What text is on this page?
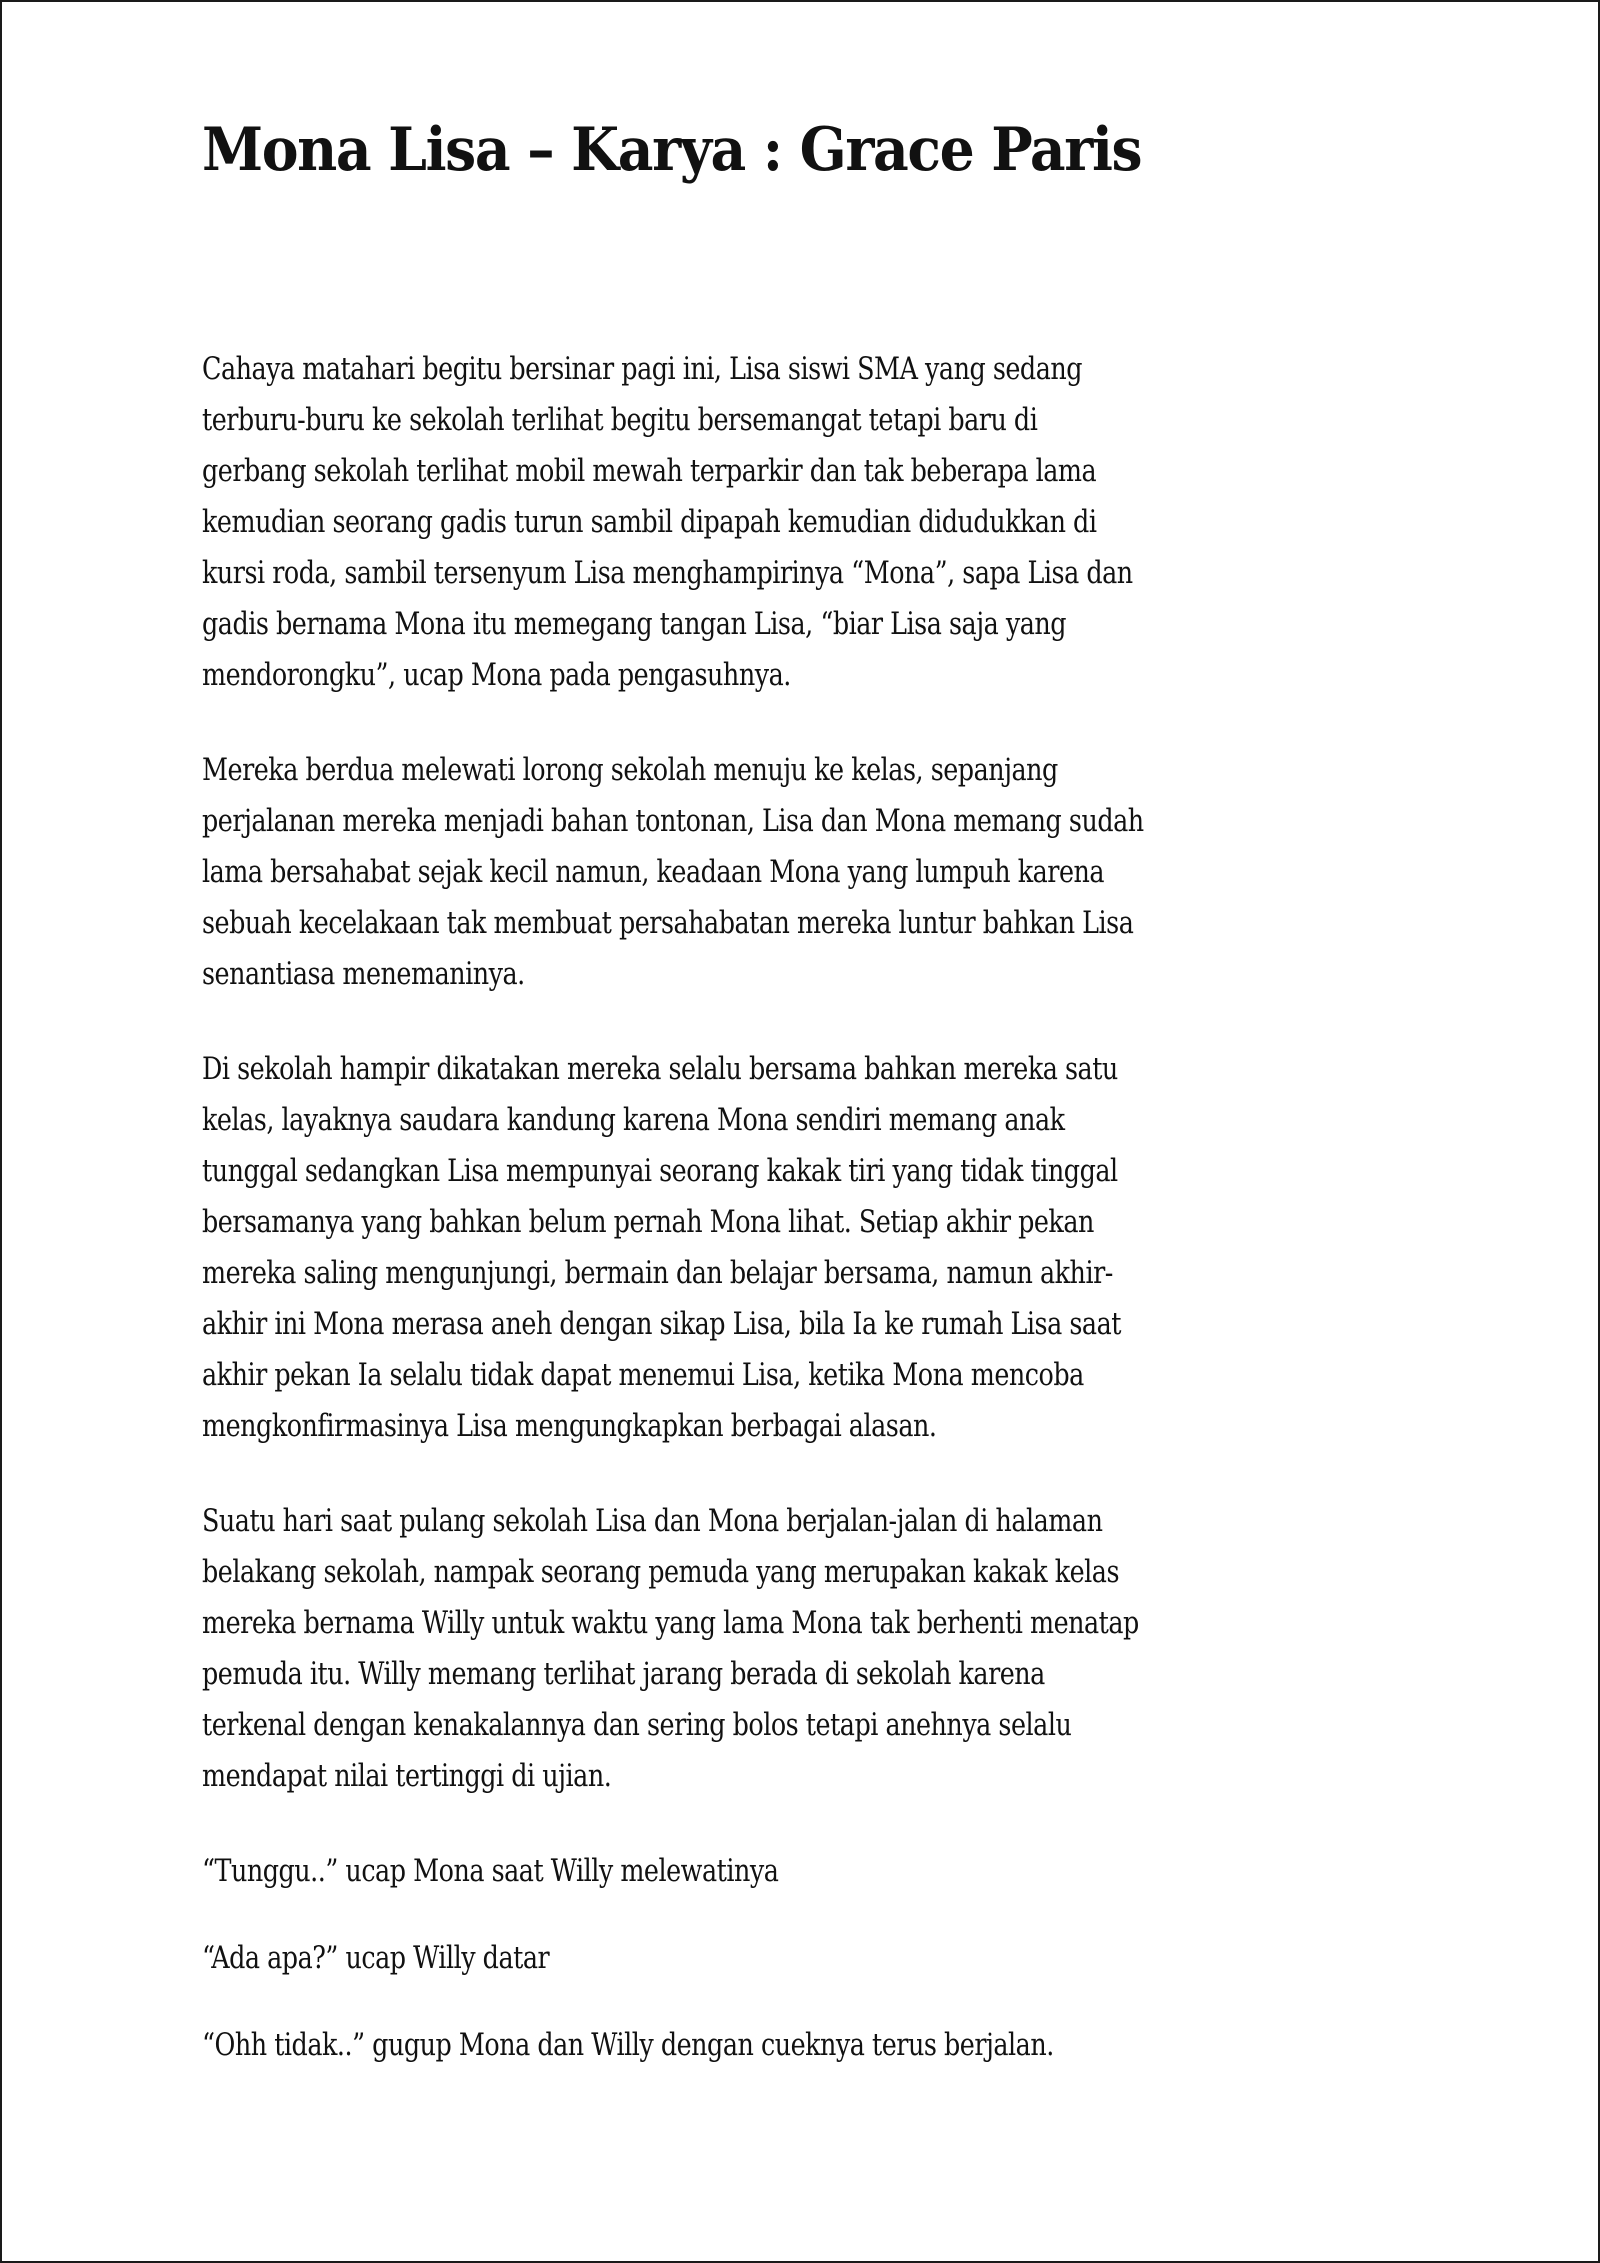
Mona Lisa – Karya : Grace Paris

Cahaya matahari begitu bersinar pagi ini, Lisa siswi SMA yang sedang
terburu-buru ke sekolah terlihat begitu bersemangat tetapi baru di
gerbang sekolah terlihat mobil mewah terparkir dan tak beberapa lama
kemudian seorang gadis turun sambil dipapah kemudian didudukkan di
kursi roda, sambil tersenyum Lisa menghampirinya “Mona”, sapa Lisa dan
gadis bernama Mona itu memegang tangan Lisa, “biar Lisa saja yang
mendorongku”, ucap Mona pada pengasuhnya.

Mereka berdua melewati lorong sekolah menuju ke kelas, sepanjang
perjalanan mereka menjadi bahan tontonan, Lisa dan Mona memang sudah
lama bersahabat sejak kecil namun, keadaan Mona yang lumpuh karena
sebuah kecelakaan tak membuat persahabatan mereka luntur bahkan Lisa
senantiasa menemaninya.

Di sekolah hampir dikatakan mereka selalu bersama bahkan mereka satu
kelas, layaknya saudara kandung karena Mona sendiri memang anak
tunggal sedangkan Lisa mempunyai seorang kakak tiri yang tidak tinggal
bersamanya yang bahkan belum pernah Mona lihat. Setiap akhir pekan
mereka saling mengunjungi, bermain dan belajar bersama, namun akhir-
akhir ini Mona merasa aneh dengan sikap Lisa, bila Ia ke rumah Lisa saat
akhir pekan Ia selalu tidak dapat menemui Lisa, ketika Mona mencoba
mengkonfirmasinya Lisa mengungkapkan berbagai alasan.

Suatu hari saat pulang sekolah Lisa dan Mona berjalan-jalan di halaman
belakang sekolah, nampak seorang pemuda yang merupakan kakak kelas
mereka bernama Willy untuk waktu yang lama Mona tak berhenti menatap
pemuda itu. Willy memang terlihat jarang berada di sekolah karena
terkenal dengan kenakalannya dan sering bolos tetapi anehnya selalu
mendapat nilai tertinggi di ujian.

“Tunggu..” ucap Mona saat Willy melewatinya

“Ada apa?” ucap Willy datar

“Ohh tidak..” gugup Mona dan Willy dengan cueknya terus berjalan.
